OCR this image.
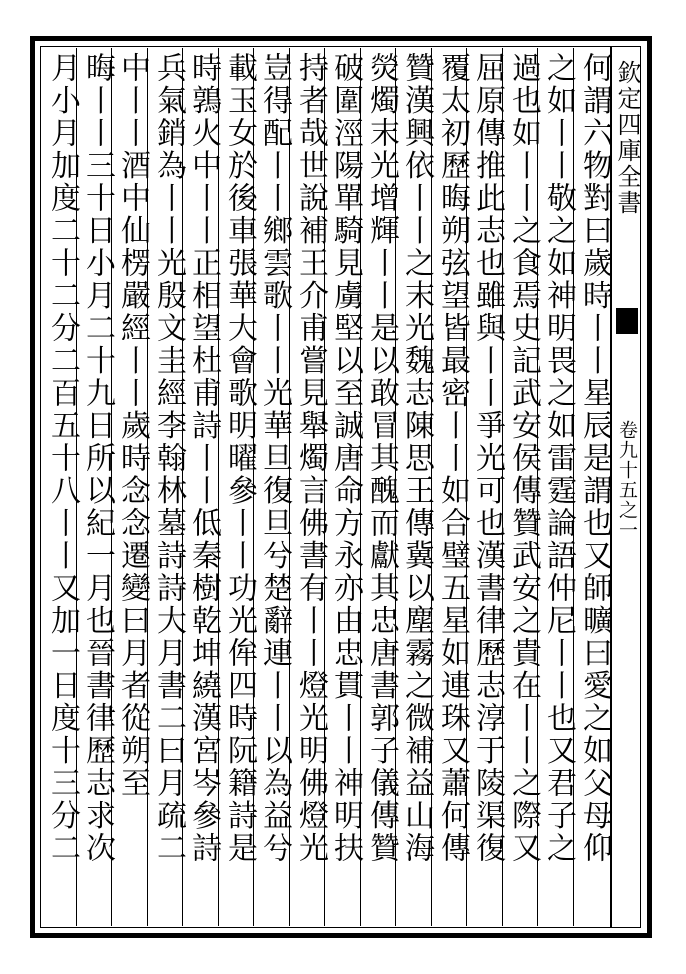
欽定四庫全書
卷九十五之一
何謂六物對曰歲時丨丨星辰是謂也又師曠曰愛之如父母仰
之如丨丨敬之如神明畏之如雷霆論語仲尼丨丨也又君子之
過也如丨丨之食焉史記武安侯傳贊武安之貴在丨丨之際又
屈原傳推此志也雖與丨丨爭光可也漢書律歷志淳于陵渠復
覆太初歷晦朔弦望皆最密丨丨如合璧五星如連珠又蕭何傳
贊漢興依丨丨之末光魏志陳思王傳冀以塵霧之微補益山海
熒燭末光增輝丨丨是以敢冒其醜而獻其忠唐書郭子儀傳贊
破圍涇陽單騎見虜堅以至誠唐命方永亦由忠貫丨丨神明扶
持者哉世說補王介甫嘗見舉燭言佛書有丨丨燈光明佛燈光
豈得配丨丨鄉雲歌丨丨光華旦復旦兮楚辭連丨丨以為益兮
載玉女於後車張華大會歌明曜參丨丨功光侔四時阮籍詩是
時鶉火中丨丨正相望杜甫詩丨丨低秦樹乾坤繞漢宮岑參詩
兵氣銷為丨丨光殷文圭經李翰林墓詩詩大月書二曰月疏二
中丨丨酒中仙楞嚴經丨丨歲時念念遷變曰月者從朔至
晦丨丨三十日小月二十九日所以紀一月也晉書律歷志求次
月小月加度二十二分二百五十八丨丨又加一日度十三分二
